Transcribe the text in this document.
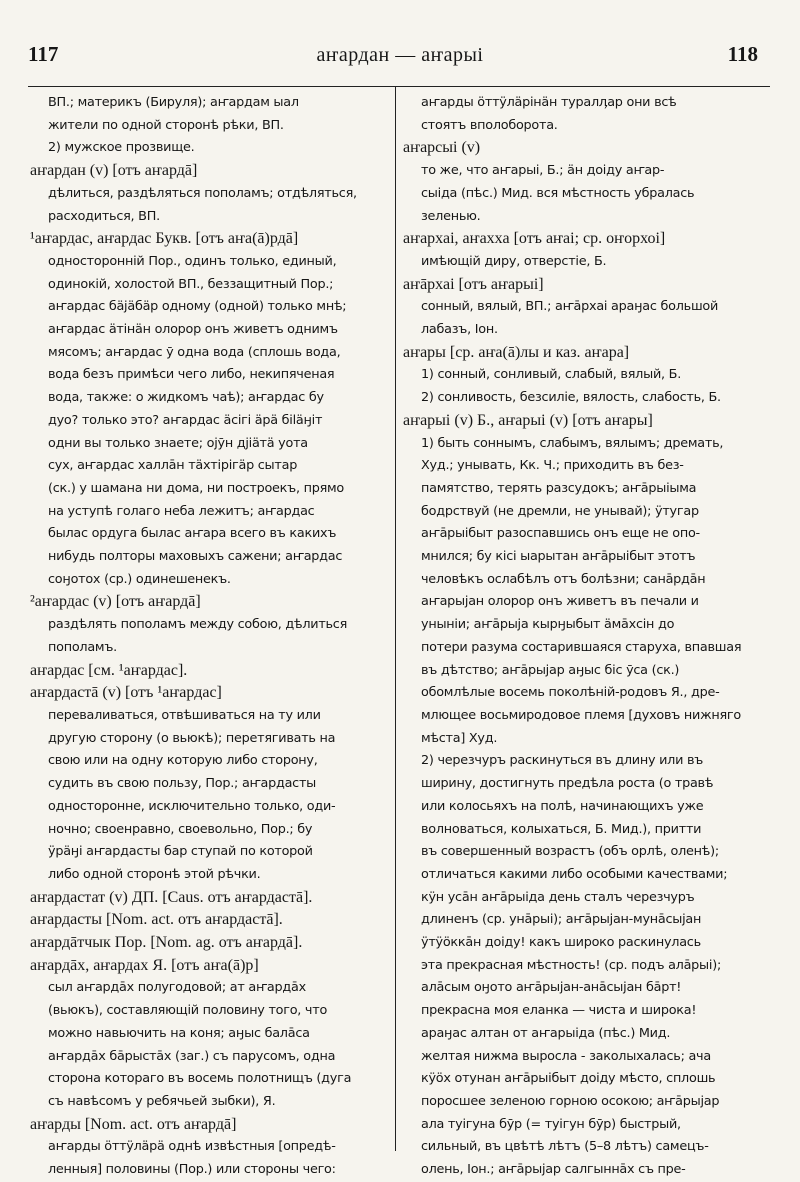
117	аҥардан — аҥарыі	118
ВП.; материкъ (Бируля); аҥардам ыал
жители по одной сторонѣ рѣки, ВП.
2) мужское прозвище.
аҥардан (v) [отъ аҥардā]
дѣлиться, раздѣляться пополамъ; отдѣляться,
расходиться, ВП.
¹аҥардас, аҥардас Букв. [отъ аҥа(ā)рдā]
односторонній Пор., одинъ только, единый,
одинокій, холостой ВП., беззащитный Пор.;
аҥардас бäјäбäр одному (одной) только мнѣ;
аҥардас äтiнäн олорор онъ живетъ однимъ
мясомъ; аҥардас ӯ одна вода (сплошь вода,
вода безъ примѣси чего либо, некипяченая
вода, также: о жидкомъ чаѣ); аҥардас бу
дуо? только это? аҥардас äсiгi äрä бiläӈiт
одни вы только знаете; ојӯн дјiäтä уота
сух, аҥардас халлāн тäхтiрiгäр сытар
(ск.) у шамана ни дома, ни построекъ, прямо
на уступѣ голаго неба лежитъ; аҥардас
былас ордуга былас аҥара всего въ какихъ
нибудь полторы маховыхъ сажени; аҥардас
соӈотох (ср.) одинешенекъ.
²аҥардас (v) [отъ аҥардā]
раздѣлять пополамъ между собою, дѣлиться
пополамъ.
аҥардас [см. ¹аҥардас].
аҥардастā (v) [отъ ¹аҥардас]
переваливаться, отвѣшиваться на ту или
другую сторону (о вьюкѣ); перетягивать на
свою или на одну которую либо сторону,
судить въ свою пользу, Пор.; аҥардасты
односторонне, исключительно только, оди-
ночно; своенравно, своевольно, Пор.; бу
ӱрäӈi аҥардасты бар ступай по которой
либо одной сторонѣ этой рѣчки.
аҥардастат (v) ДП. [Caus. отъ аҥардастā].
аҥардасты [Nom. act. отъ аҥардастā].
аҥардāтчык Пор. [Nom. ag. отъ аҥардā].
аҥардāх, аҥардах Я. [отъ аҥа(ā)р]
сыл аҥардāх полугодовой; ат аҥардāх
(вьюкъ), составляющій половину того, что
можно навьючить на коня; аӈыс балāса
аҥардāх бāрыстāх (заг.) съ парусомъ, одна
сторона которагo въ восемь полотнищъ (дуга
съ навѣсомъ у ребячьей зыбки), Я.
аҥарды [Nom. act. отъ аҥардā]
аҥарды öттӱлäрä однѣ извѣстныя [опредѣ-
ленныя] половины (Пор.) или стороны чего:
аҥарды öттӱлäрiнäн туралӆар они всѣ
стоятъ вполоборота.
аҥарсыі (v)
то же, что аҥарыі, Б.; äн доіду аҥар-
сыіда (пѣс.) Мид. вся мѣстность убралась
зеленью.
аҥархаі, аҥахха [отъ аҥаі; ср. оҥорхоі]
имѣющій диру, отверстіе, Б.
аҥāрхаі [отъ аҥарыі]
сонный, вялый, ВП.; аҥāрхаі араӈас большой
лабазъ, Іон.
аҥары [ср. аҥа(ā)лы и каз. аҥара]
1) сонный, сонливый, слабый, вялый, Б.
2) сонливость, безсиліе, вялость, слабость, Б.
аҥарыі (v) Б., аҥарыі (v) [отъ аҥары]
1) быть соннымъ, слабымъ, вялымъ; дремать,
Худ.; унывать, Кк. Ч.; приходить въ без-
памятство, терять разсудокъ; аҥāрыіыма
бодрствуй (не дремли, не унывай); ӱтугар
аҥāрыібыт разоспавшись онъ еще не опо-
мнился; бу кiсi ыарытан аҥāрыібыт этотъ
человѣкъ ослабѣлъ отъ болѣзни; санāрдāн
аҥарыјан олорор онъ живетъ въ печали и
уныніи; аҥāрыја кырӈыбыт äмāхсiн до
потери разума состарившаяся старуха, впавшая
въ дѣтство; аҥāрыјар аӈыс бiс ӯса (ск.)
обомлѣлые восемь поколѣній-родовъ Я., дре-
млющее восьмиродовое племя [духовъ нижняго
мѣста] Худ.
2) черезчуръ раскинуться въ длину или въ
ширину, достигнуть предѣла роста (о травѣ
или колосьяхъ на полѣ, начинающихъ уже
волноваться, колыхаться, Б. Мид.), притти
въ совершенный возрастъ (объ орлѣ, оленѣ);
отличаться какими либо особыми качествами;
кӱн усāн аҥāрыіда день сталъ черезчуръ
длиненъ (ср. унāрыі); аҥāрыјан-мунāсыјан
ӱтӱöккāн доіду! какъ широко раскинулась
эта прекрасная мѣстность! (ср. подъ алāрыі);
алāсым оӈото аҥāрыјан-анāсыјан бāрт!
прекрасна моя еланка — чиста и широка!
араӈас алтан от аҥарыіда (пѣс.) Мид.
желтая нижма выросла - заколыхалась; ача
кӱöх отунан аҥāрыібыт доіду мѣсто, сплошь
поросшее зеленою горною осокою; аҥāрыјар
ала туігуна бӯр (= туігун бӯр) быстрый,
сильный, въ цвѣтѣ лѣтъ (5–8 лѣтъ) самецъ-
олень, Іон.; аҥāрыјар салгыннāх съ пре-
